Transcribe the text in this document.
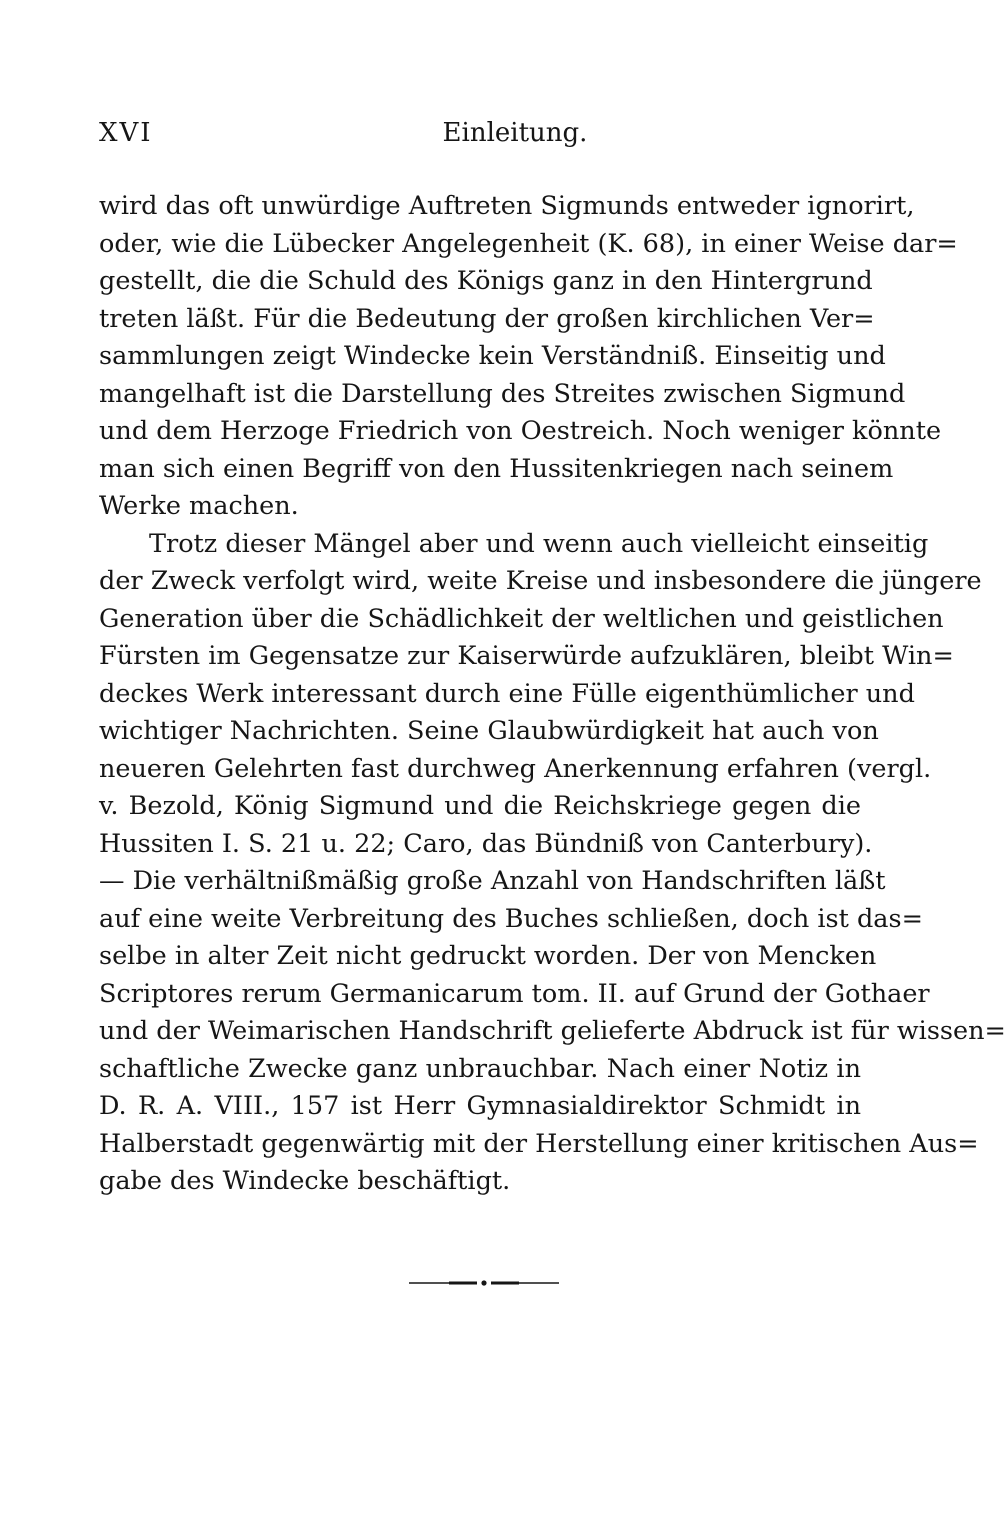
XVI	Einleitung.
wird das oft unwürdige Auftreten Sigmunds entweder ignorirt,
oder, wie die Lübecker Angelegenheit (K. 68), in einer Weise dar=
gestellt, die die Schuld des Königs ganz in den Hintergrund
treten läßt. Für die Bedeutung der großen kirchlichen Ver=
sammlungen zeigt Windecke kein Verständniß. Einseitig und
mangelhaft ist die Darstellung des Streites zwischen Sigmund
und dem Herzoge Friedrich von Oestreich. Noch weniger könnte
man sich einen Begriff von den Hussitenkriegen nach seinem
Werke machen.
Trotz dieser Mängel aber und wenn auch vielleicht einseitig
der Zweck verfolgt wird, weite Kreise und insbesondere die jüngere
Generation über die Schädlichkeit der weltlichen und geistlichen
Fürsten im Gegensatze zur Kaiserwürde aufzuklären, bleibt Win=
deckes Werk interessant durch eine Fülle eigenthümlicher und
wichtiger Nachrichten. Seine Glaubwürdigkeit hat auch von
neueren Gelehrten fast durchweg Anerkennung erfahren (vergl.
v. Bezold, König Sigmund und die Reichskriege gegen die
Hussiten I. S. 21 u. 22; Caro, das Bündniß von Canterbury).
— Die verhältnißmäßig große Anzahl von Handschriften läßt
auf eine weite Verbreitung des Buches schließen, doch ist das=
selbe in alter Zeit nicht gedruckt worden. Der von Mencken
Scriptores rerum Germanicarum tom. II. auf Grund der Gothaer
und der Weimarischen Handschrift gelieferte Abdruck ist für wissen=
schaftliche Zwecke ganz unbrauchbar. Nach einer Notiz in
D. R. A. VIII., 157 ist Herr Gymnasialdirektor Schmidt in
Halberstadt gegenwärtig mit der Herstellung einer kritischen Aus=
gabe des Windecke beschäftigt.
